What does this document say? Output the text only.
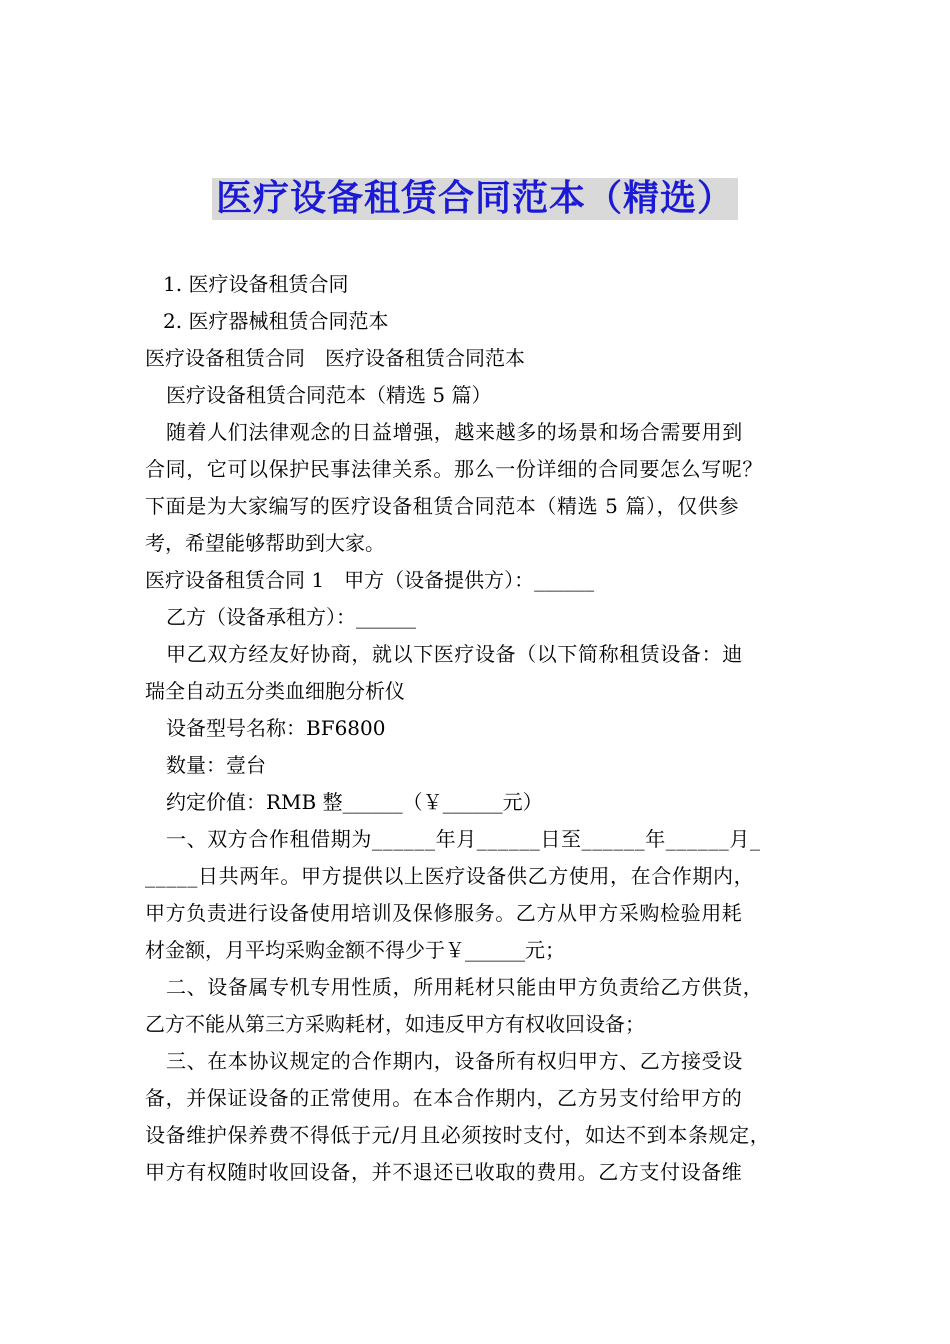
医疗设备租赁合同范本（精选）
1. 医疗设备租赁合同
2. 医疗器械租赁合同范本
医疗设备租赁合同　医疗设备租赁合同范本
医疗设备租赁合同范本（精选 5 篇）
随着人们法律观念的日益增强，越来越多的场景和场合需要用到
合同，它可以保护民事法律关系。那么一份详细的合同要怎么写呢？
下面是为大家编写的医疗设备租赁合同范本（精选 5 篇），仅供参
考，希望能够帮助到大家。
医疗设备租赁合同 1　甲方（设备提供方）：______
乙方（设备承租方）：______
甲乙双方经友好协商，就以下医疗设备（以下简称租赁设备：迪
瑞全自动五分类血细胞分析仪
设备型号名称：BF6800
数量：壹台
约定价值：RMB 整______（￥______元）
一、双方合作租借期为______年月______日至______年______月_
_____日共两年。甲方提供以上医疗设备供乙方使用，在合作期内，
甲方负责进行设备使用培训及保修服务。乙方从甲方采购检验用耗
材金额，月平均采购金额不得少于￥______元；
二、设备属专机专用性质，所用耗材只能由甲方负责给乙方供货，
乙方不能从第三方采购耗材，如违反甲方有权收回设备；
三、在本协议规定的合作期内，设备所有权归甲方、乙方接受设
备，并保证设备的正常使用。在本合作期内，乙方另支付给甲方的
设备维护保养费不得低于元/月且必须按时支付，如达不到本条规定，
甲方有权随时收回设备，并不退还已收取的费用。乙方支付设备维
